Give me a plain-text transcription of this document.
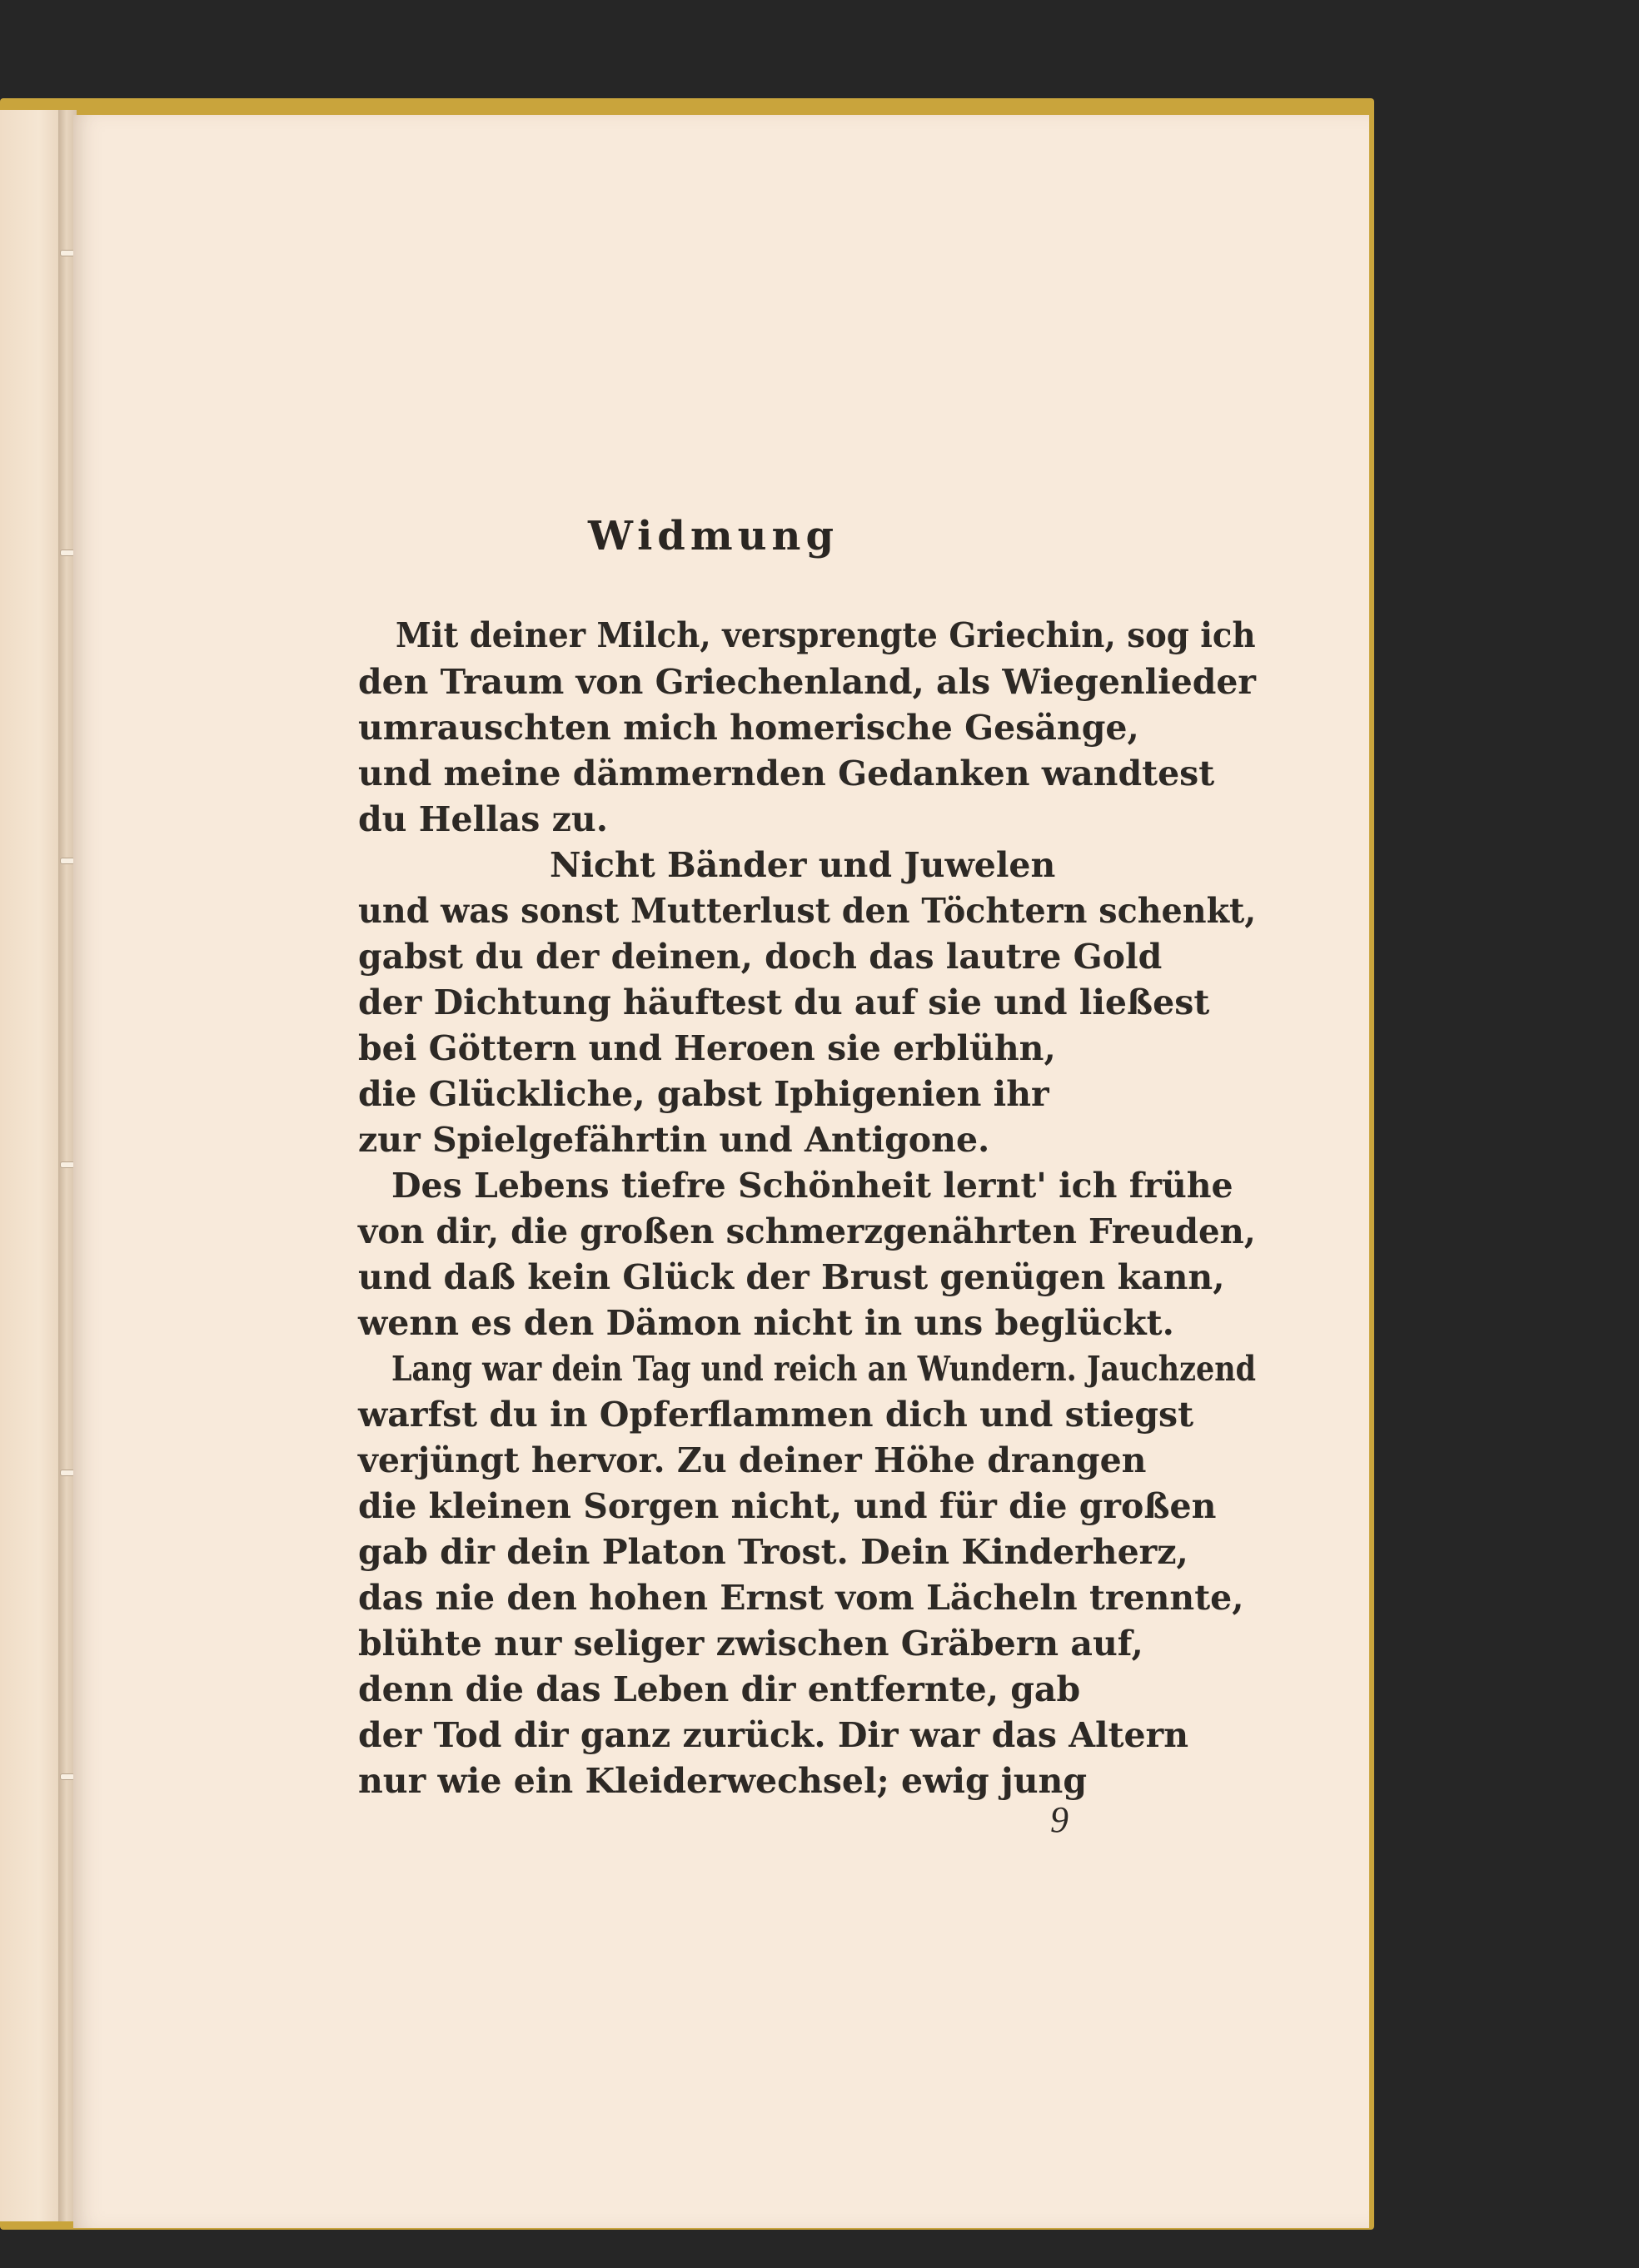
Widmung
Mit deiner Milch, versprengte Griechin, sog ich
den Traum von Griechenland, als Wiegenlieder
umrauschten mich homerische Gesänge,
und meine dämmernden Gedanken wandtest
du Hellas zu.
Nicht Bänder und Juwelen
und was sonst Mutterlust den Töchtern schenkt,
gabst du der deinen, doch das lautre Gold
der Dichtung häuftest du auf sie und ließest
bei Göttern und Heroen sie erblühn,
die Glückliche, gabst Iphigenien ihr
zur Spielgefährtin und Antigone.
Des Lebens tiefre Schönheit lernt' ich frühe
von dir, die großen schmerzgenährten Freuden,
und daß kein Glück der Brust genügen kann,
wenn es den Dämon nicht in uns beglückt.
Lang war dein Tag und reich an Wundern. Jauchzend
warfst du in Opferflammen dich und stiegst
verjüngt hervor. Zu deiner Höhe drangen
die kleinen Sorgen nicht, und für die großen
gab dir dein Platon Trost. Dein Kinderherz,
das nie den hohen Ernst vom Lächeln trennte,
blühte nur seliger zwischen Gräbern auf,
denn die das Leben dir entfernte, gab
der Tod dir ganz zurück. Dir war das Altern
nur wie ein Kleiderwechsel; ewig jung
9
